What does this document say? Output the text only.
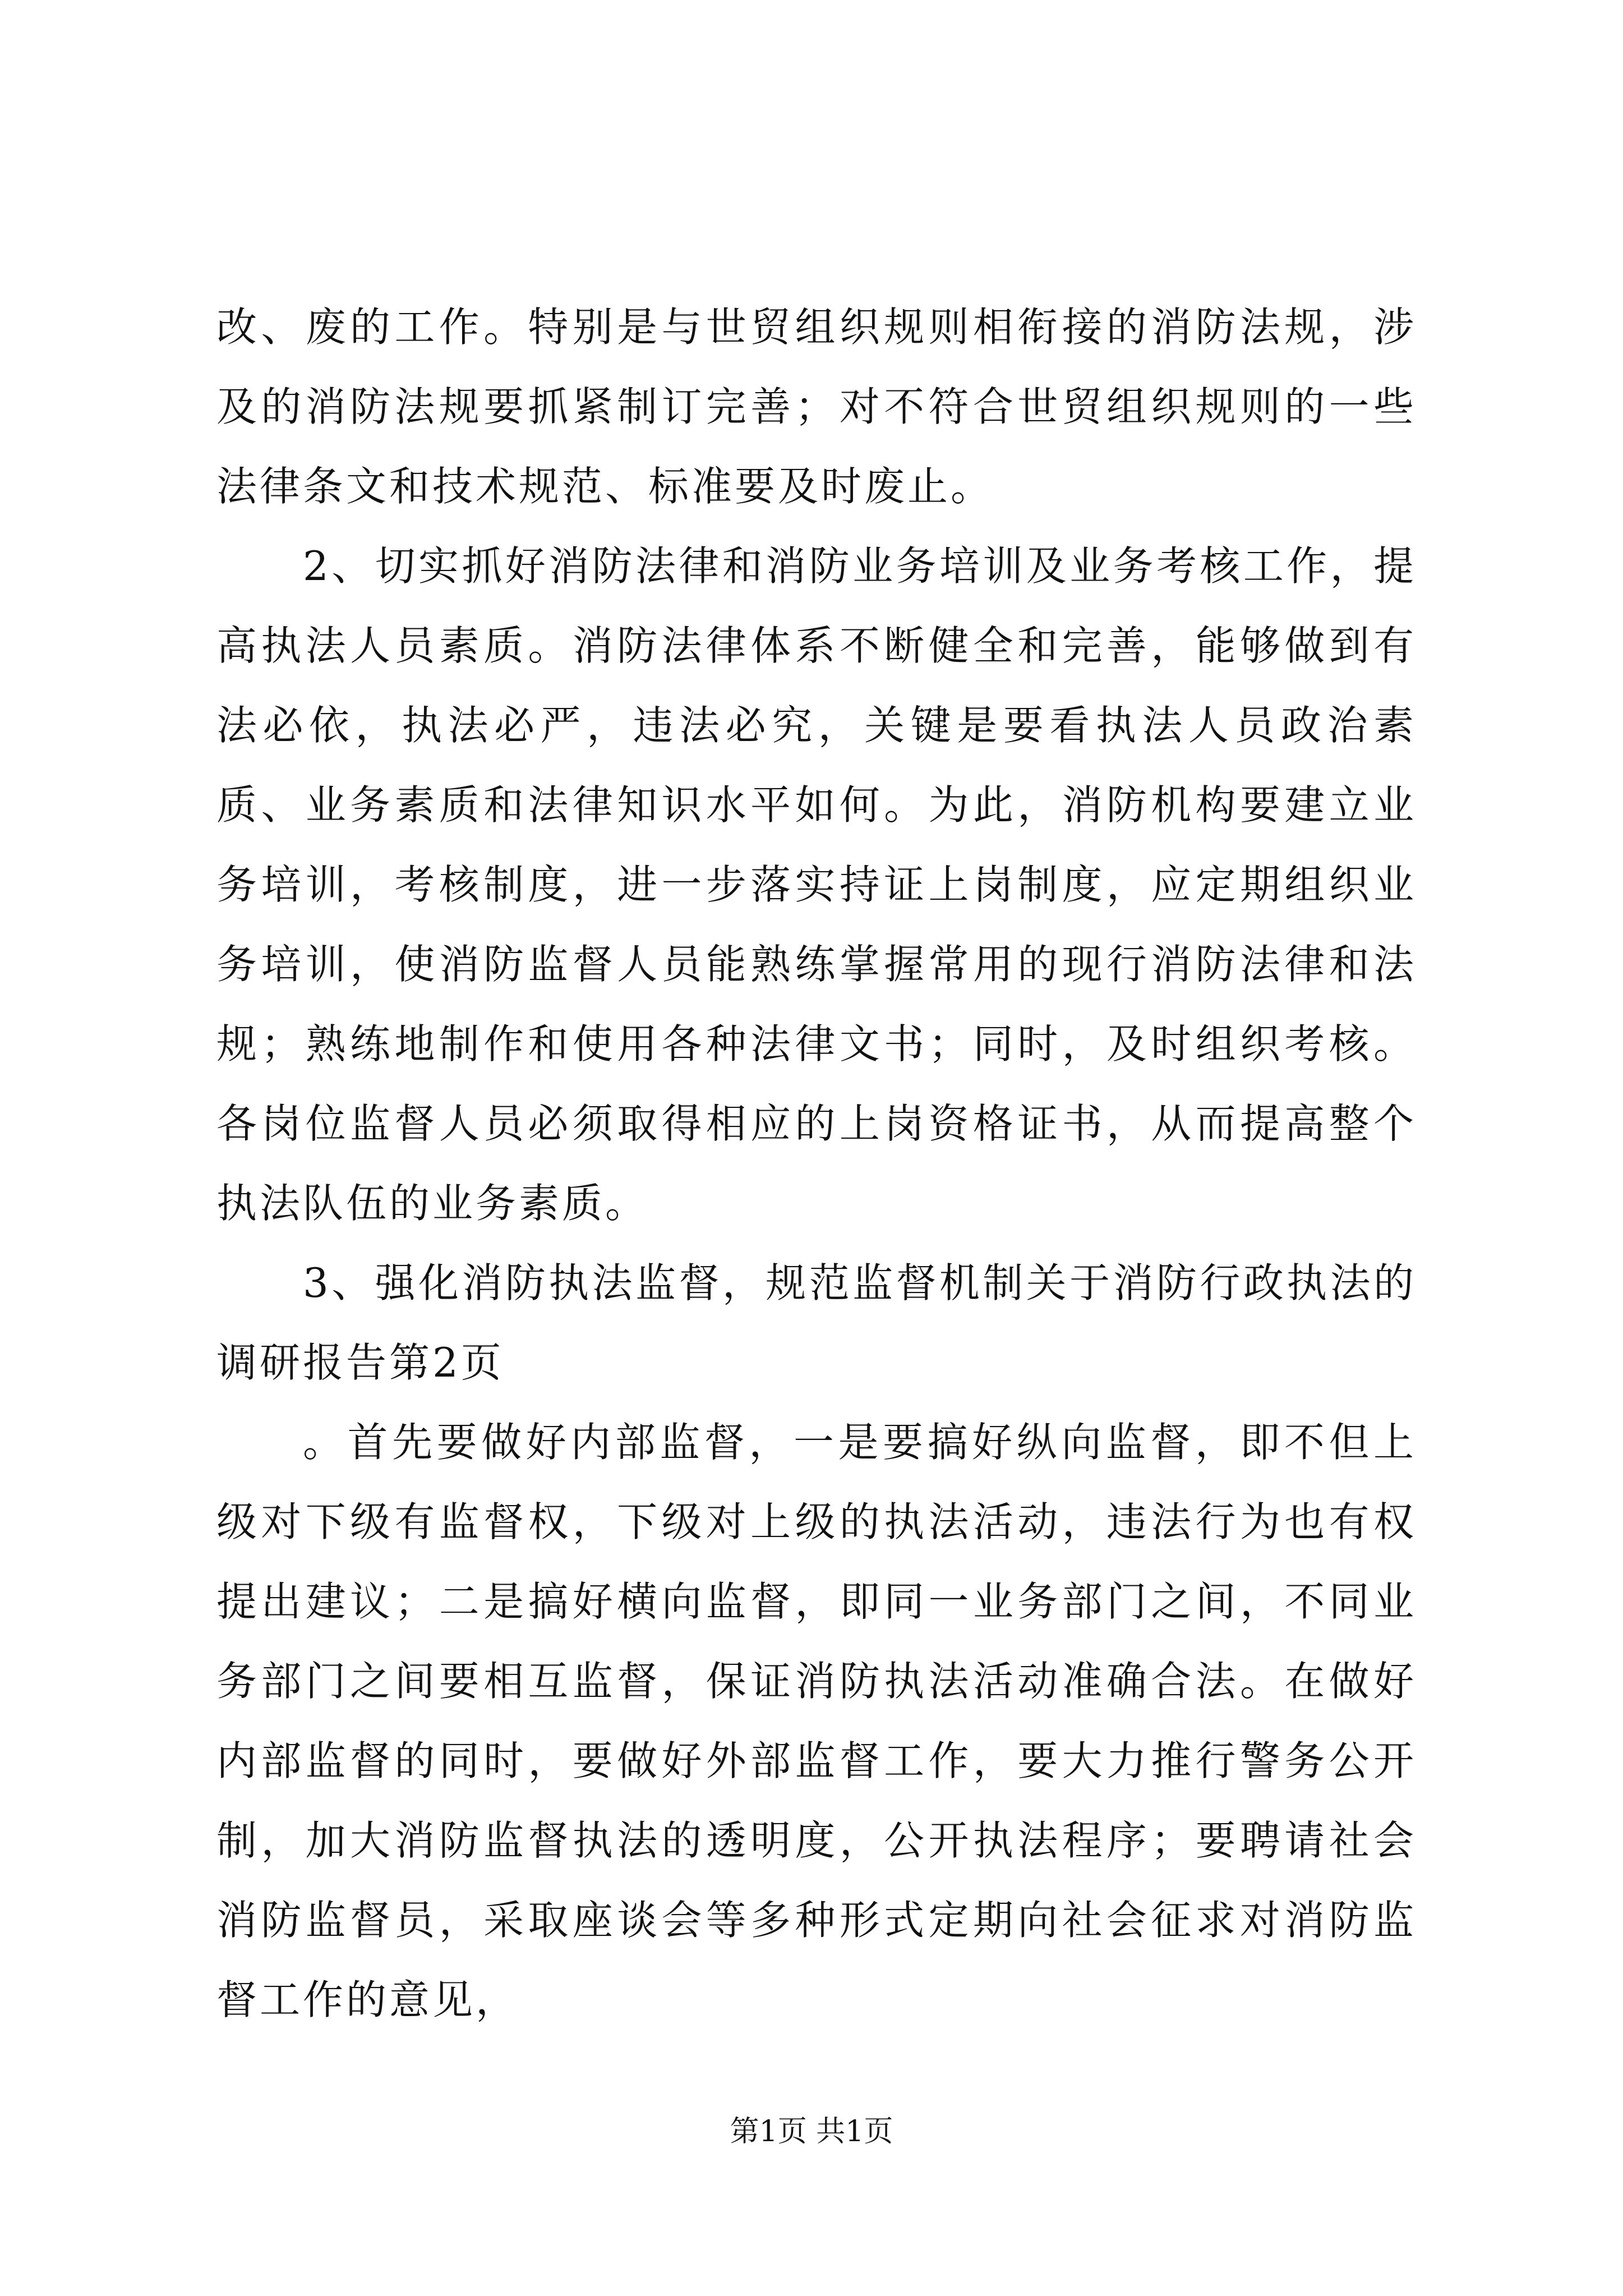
改、废的工作。特别是与世贸组织规则相衔接的消防法规，涉及的消防法规要抓紧制订完善；对不符合世贸组织规则的一些法律条文和技术规范、标准要及时废止。

2、切实抓好消防法律和消防业务培训及业务考核工作，提高执法人员素质。消防法律体系不断健全和完善，能够做到有法必依，执法必严，违法必究，关键是要看执法人员政治素质、业务素质和法律知识水平如何。为此，消防机构要建立业务培训，考核制度，进一步落实持证上岗制度，应定期组织业务培训，使消防监督人员能熟练掌握常用的现行消防法律和法规；熟练地制作和使用各种法律文书；同时，及时组织考核。各岗位监督人员必须取得相应的上岗资格证书，从而提高整个执法队伍的业务素质。

3、强化消防执法监督，规范监督机制关于消防行政执法的调研报告第2页

。首先要做好内部监督，一是要搞好纵向监督，即不但上级对下级有监督权，下级对上级的执法活动，违法行为也有权提出建议；二是搞好横向监督，即同一业务部门之间，不同业务部门之间要相互监督，保证消防执法活动准确合法。在做好内部监督的同时，要做好外部监督工作，要大力推行警务公开制，加大消防监督执法的透明度，公开执法程序；要聘请社会消防监督员，采取座谈会等多种形式定期向社会征求对消防监督工作的意见，

第1页 共1页
